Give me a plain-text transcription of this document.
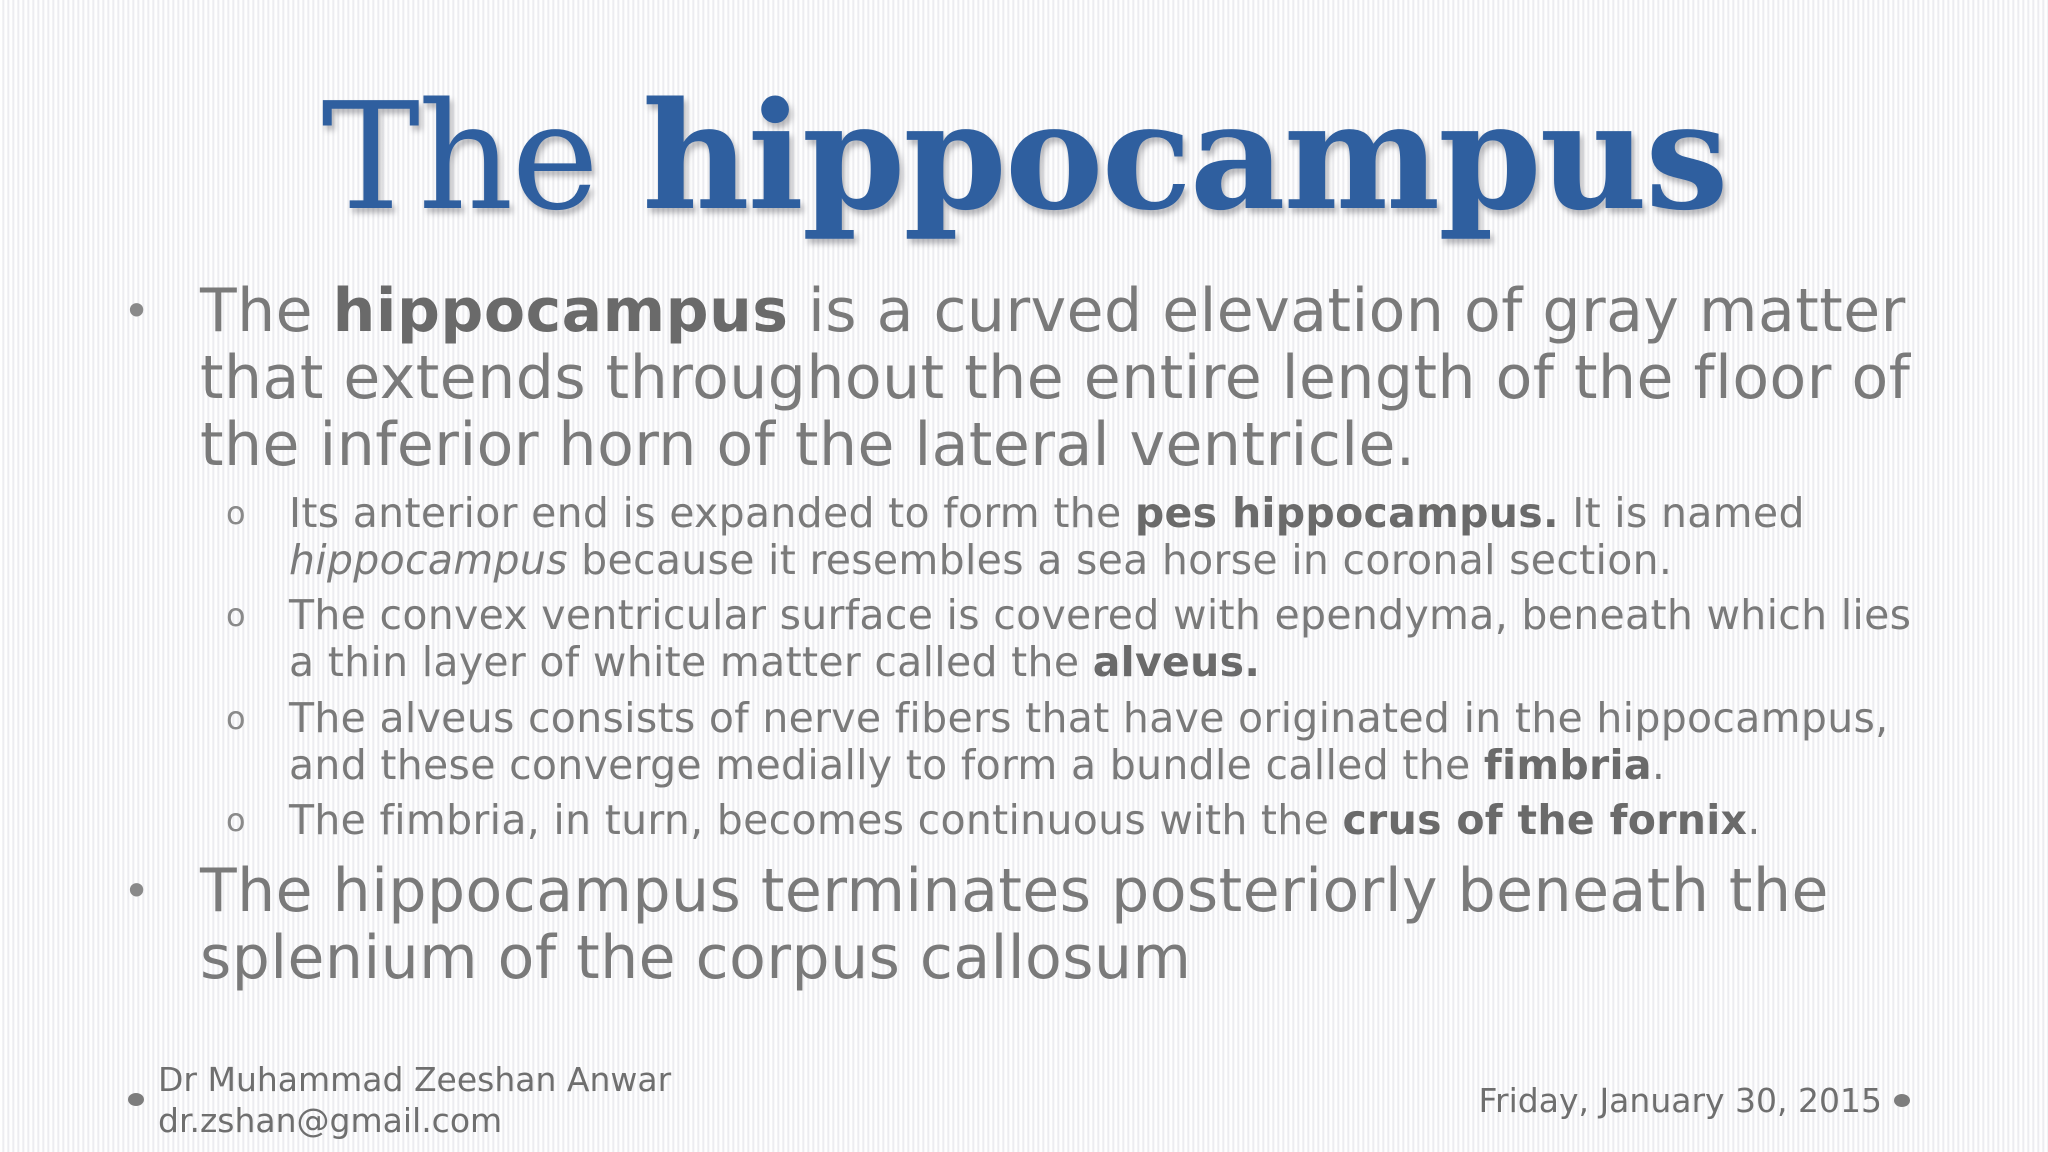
The hippocampus
• The hippocampus is a curved elevation of gray matter that extends throughout the entire length of the floor of the inferior horn of the lateral ventricle.
o Its anterior end is expanded to form the pes hippocampus. It is named hippocampus because it resembles a sea horse in coronal section.
o The convex ventricular surface is covered with ependyma, beneath which lies a thin layer of white matter called the alveus.
o The alveus consists of nerve fibers that have originated in the hippocampus, and these converge medially to form a bundle called the fimbria.
o The fimbria, in turn, becomes continuous with the crus of the fornix.
• The hippocampus terminates posteriorly beneath the splenium of the corpus callosum
Dr Muhammad Zeeshan Anwar
dr.zshan@gmail.com
Friday, January 30, 2015
